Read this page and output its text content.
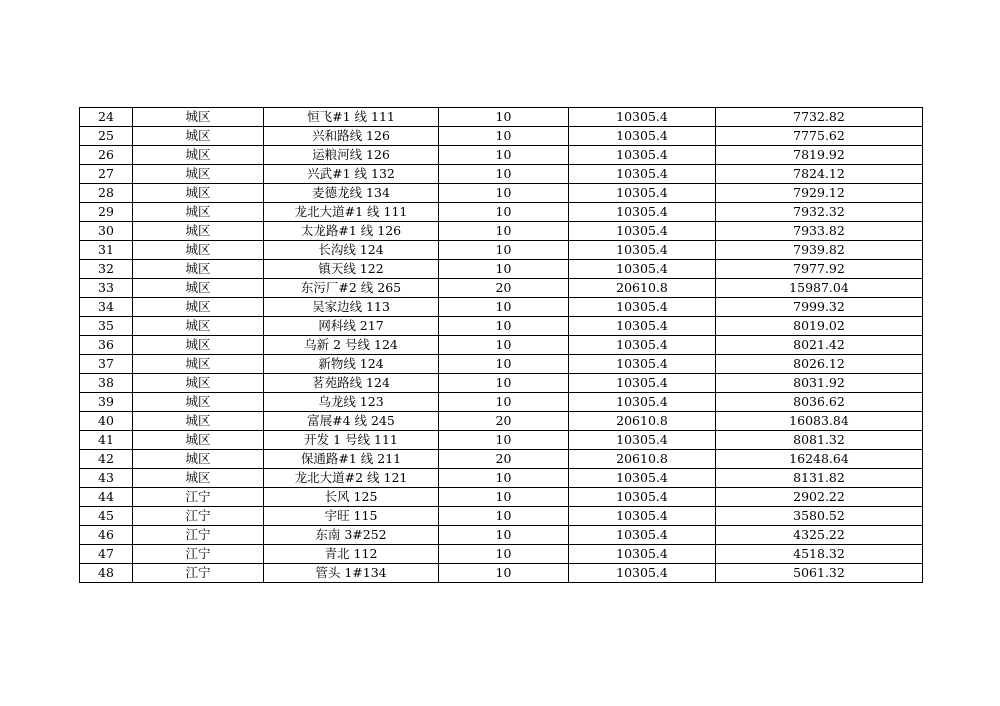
24	城区	恒飞#1 线 111	10	10305.4	7732.82
25	城区	兴和路线 126	10	10305.4	7775.62
26	城区	运粮河线 126	10	10305.4	7819.92
27	城区	兴武#1 线 132	10	10305.4	7824.12
28	城区	麦德龙线 134	10	10305.4	7929.12
29	城区	龙北大道#1 线 111	10	10305.4	7932.32
30	城区	太龙路#1 线 126	10	10305.4	7933.82
31	城区	长沟线 124	10	10305.4	7939.82
32	城区	镇天线 122	10	10305.4	7977.92
33	城区	东污厂#2 线 265	20	20610.8	15987.04
34	城区	吴家边线 113	10	10305.4	7999.32
35	城区	网科线 217	10	10305.4	8019.02
36	城区	乌新 2 号线 124	10	10305.4	8021.42
37	城区	新物线 124	10	10305.4	8026.12
38	城区	茗苑路线 124	10	10305.4	8031.92
39	城区	乌龙线 123	10	10305.4	8036.62
40	城区	富展#4 线 245	20	20610.8	16083.84
41	城区	开发 1 号线 111	10	10305.4	8081.32
42	城区	保通路#1 线 211	20	20610.8	16248.64
43	城区	龙北大道#2 线 121	10	10305.4	8131.82
44	江宁	长风 125	10	10305.4	2902.22
45	江宁	宇旺 115	10	10305.4	3580.52
46	江宁	东南 3#252	10	10305.4	4325.22
47	江宁	青北 112	10	10305.4	4518.32
48	江宁	管头 1#134	10	10305.4	5061.32
